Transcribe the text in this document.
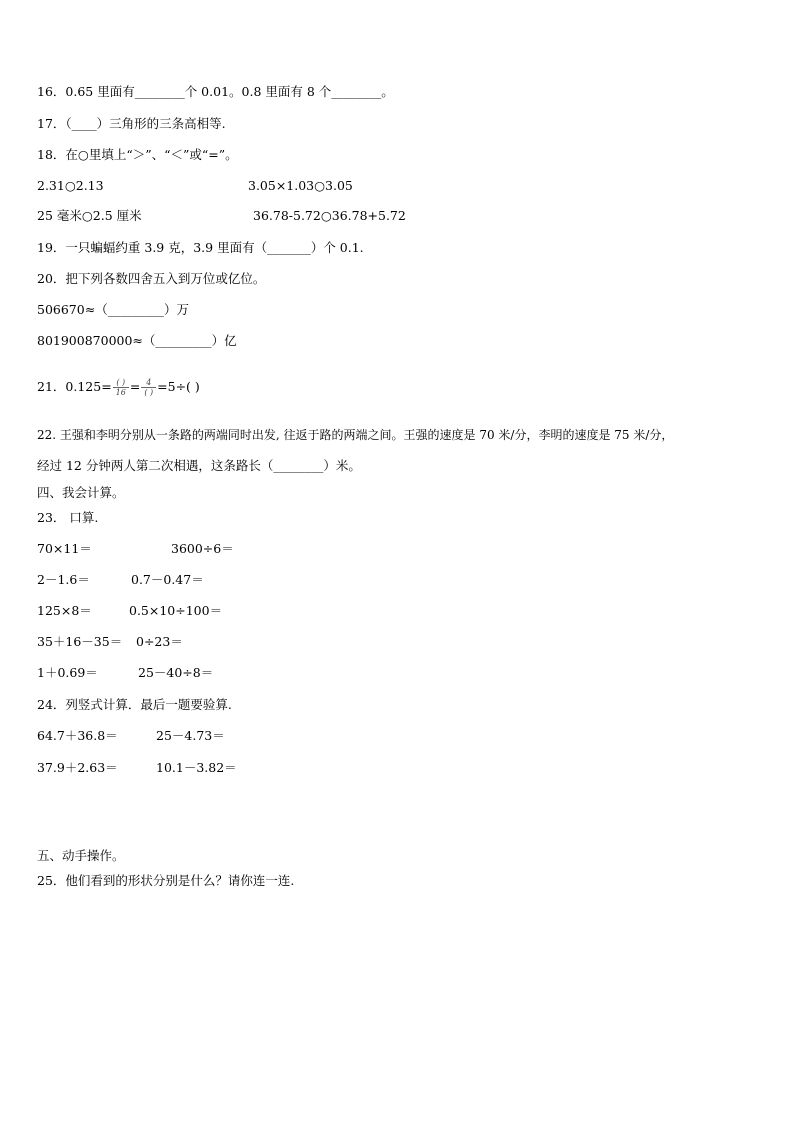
16．0.65 里面有________个 0.01。0.8 里面有 8 个________。
17．（____）三角形的三条高相等.
18．在○里填上“＞”、“＜”或“=”。
2.31○2.13	3.05×1.03○3.05
25 毫米○2.5 厘米	36.78-5.72○36.78+5.72
19．一只蝙蝠约重 3.9 克，3.9 里面有（_______）个 0.1.
20．把下列各数四舍五入到万位或亿位。
506670≈（_________）万
801900870000≈（_________）亿
21．$0.125= \frac{( )}{16} = \frac{4}{( )} =5\div$( )
22. 王强和李明分别从一条路的两端同时出发, 往返于路的两端之间。王强的速度是 70 米/分，李明的速度是 75 米/分，
经过 12 分钟两人第二次相遇，这条路长（________）米。
四、我会计算。
23． 口算.
70×11＝	3600÷6＝
2－1.6＝	0.7－0.47＝
125×8＝	0.5×10÷100＝
35＋16－35＝ 0÷23＝
1＋0.69＝	25－40÷8＝
24．列竖式计算．最后一题要验算.
64.7＋36.8＝	25－4.73＝
37.9＋2.63＝	10.1－3.82＝
五、动手操作。
25．他们看到的形状分别是什么？请你连一连.
